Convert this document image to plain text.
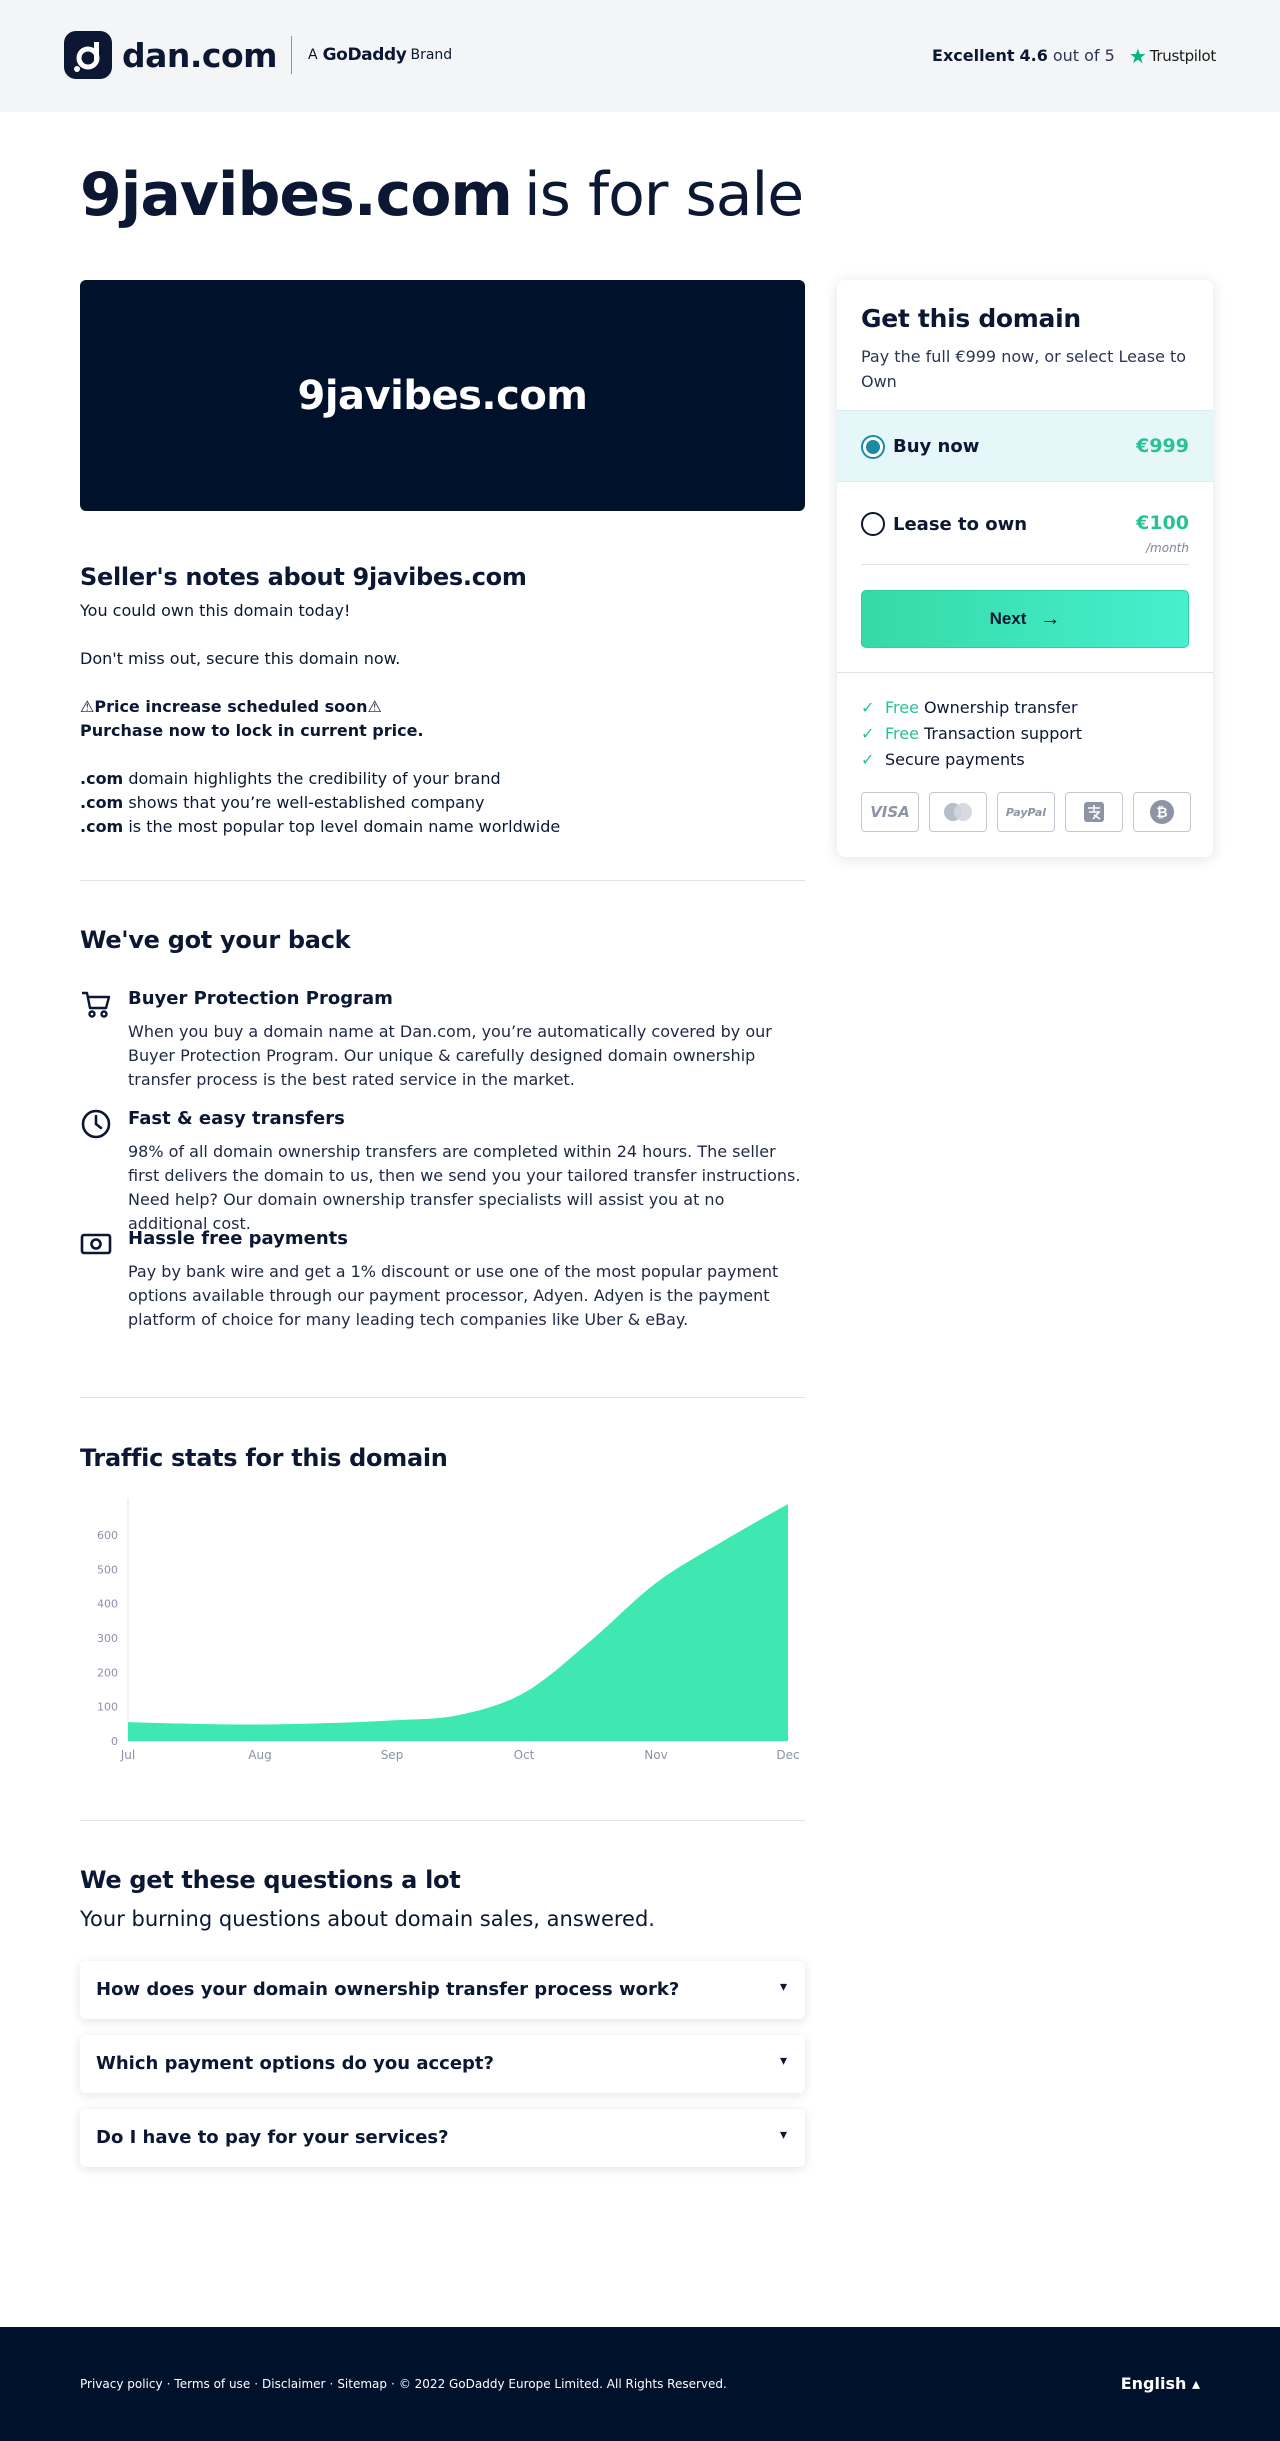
dan.com A GoDaddy Brand	Excellent 4.6 out of 5 ★ Trustpilot
9javibes.com is for sale
9javibes.com
Get this domain
Pay the full €999 now, or select Lease to Own
Buy now	€999
Lease to own	€100
/month
Next →
✓ Free Ownership transfer
✓ Free Transaction support
✓ Secure payments
VISA	PayPal	₿
Seller's notes about 9javibes.com

You could own this domain today!

Don't miss out, secure this domain now.

⚠Price increase scheduled soon⚠
Purchase now to lock in current price.

.com domain highlights the credibility of your brand
.com shows that you’re well-established company
.com is the most popular top level domain name worldwide

We've got your back
Buyer Protection Program
When you buy a domain name at Dan.com, you’re automatically covered by our Buyer Protection Program. Our unique & carefully designed domain ownership transfer process is the best rated service in the market.
Fast & easy transfers
98% of all domain ownership transfers are completed within 24 hours. The seller first delivers the domain to us, then we send you your tailored transfer instructions. Need help? Our domain ownership transfer specialists will assist you at no additional cost.
Hassle free payments
Pay by bank wire and get a 1% discount or use one of the most popular payment options available through our payment processor, Adyen. Adyen is the payment platform of choice for many leading tech companies like Uber & eBay.
Traffic stats for this domain
0
100
200
300
400
500
600
Jul	Aug	Sep	Oct	Nov	Dec
We get these questions a lot
Your burning questions about domain sales, answered.
How does your domain ownership transfer process work?	▾
Which payment options do you accept?	▾
Do I have to pay for your services?	▾
Privacy policy · Terms of use · Disclaimer · Sitemap · © 2022 GoDaddy Europe Limited. All Rights Reserved.	English ▴
